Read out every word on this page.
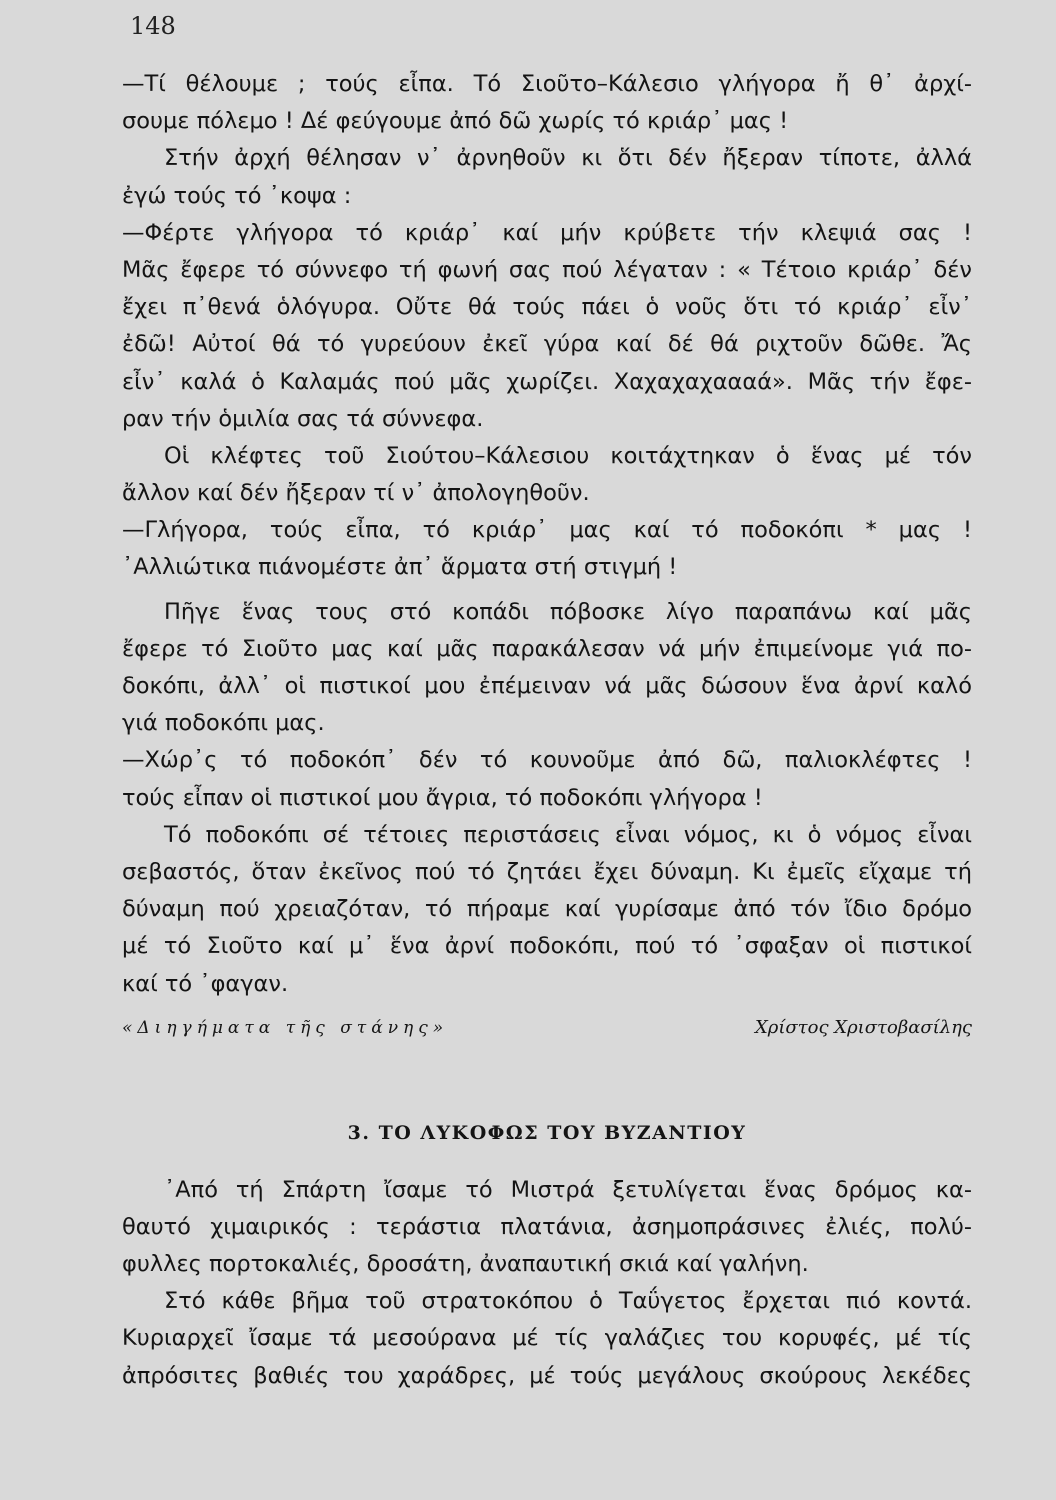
148
—Τί θέλουμε ; τούς εἶπα. Τό Σιοῦτο–Κάλεσιο γλήγορα ἤ θ᾽ ἀρχί-
σουμε πόλεμο ! Δέ φεύγουμε ἀπό δῶ χωρίς τό κριάρ᾽ μας !
Στήν ἀρχή θέλησαν ν᾽ ἀρνηθοῦν κι ὅτι δέν ἤξεραν τίποτε, ἀλλά
ἐγώ τούς τό ᾽κοψα :
—Φέρτε γλήγορα τό κριάρ᾽ καί μήν κρύβετε τήν κλεψιά σας !
Μᾶς ἔφερε τό σύννεφο τή φωνή σας πού λέγαταν : « Τέτοιο κριάρ᾽ δέν
ἔχει π᾽θενά ὁλόγυρα. Οὔτε θά τούς πάει ὁ νοῦς ὅτι τό κριάρ᾽ εἶν᾽
ἐδῶ! Αὐτοί θά τό γυρεύουν ἐκεῖ γύρα καί δέ θά ριχτοῦν δῶθε. Ἄς
εἶν᾽ καλά ὁ Καλαμάς πού μᾶς χωρίζει. Χαχαχαχαααά». Μᾶς τήν ἔφε-
ραν τήν ὁμιλία σας τά σύννεφα.
Οἱ κλέφτες τοῦ Σιούτου–Κάλεσιου κοιτάχτηκαν ὁ ἕνας μέ τόν
ἄλλον καί δέν ἤξεραν τί ν᾽ ἀπολογηθοῦν.
—Γλήγορα, τούς εἶπα, τό κριάρ᾽ μας καί τό ποδοκόπι * μας !
᾽Αλλιώτικα πιάνομέστε ἀπ᾽ ἅρματα στή στιγμή !
Πῆγε ἕνας τους στό κοπάδι πόβοσκε λίγο παραπάνω καί μᾶς
ἔφερε τό Σιοῦτο μας καί μᾶς παρακάλεσαν νά μήν ἐπιμείνομε γιά πο-
δοκόπι, ἀλλ᾽ οἱ πιστικοί μου ἐπέμειναν νά μᾶς δώσουν ἕνα ἀρνί καλό
γιά ποδοκόπι μας.
—Χώρ᾽ς τό ποδοκόπ᾽ δέν τό κουνοῦμε ἀπό δῶ, παλιοκλέφτες !
τούς εἶπαν οἱ πιστικοί μου ἄγρια, τό ποδοκόπι γλήγορα !
Τό ποδοκόπι σέ τέτοιες περιστάσεις εἶναι νόμος, κι ὁ νόμος εἶναι
σεβαστός, ὅταν ἐκεῖνος πού τό ζητάει ἔχει δύναμη. Κι ἐμεῖς εἴχαμε τή
δύναμη πού χρειαζόταν, τό πήραμε καί γυρίσαμε ἀπό τόν ἴδιο δρόμο
μέ τό Σιοῦτο καί μ᾽ ἕνα ἀρνί ποδοκόπι, πού τό ᾽σφαξαν οἱ πιστικοί
καί τό ᾽φαγαν.
«Διηγήματα τῆς στάνης»	Χρίστος Χριστοβασίλης
3. ΤΟ ΛΥΚΟΦΩΣ ΤΟΥ ΒΥΖΑΝΤΙΟΥ
᾽Από τή Σπάρτη ἴσαμε τό Μιστρά ξετυλίγεται ἕνας δρόμος κα-
θαυτό χιμαιρικός : τεράστια πλατάνια, ἀσημοπράσινες ἐλιές, πολύ-
φυλλες πορτοκαλιές, δροσάτη, ἀναπαυτική σκιά καί γαλήνη.
Στό κάθε βῆμα τοῦ στρατοκόπου ὁ Ταΰγετος ἔρχεται πιό κοντά.
Κυριαρχεῖ ἴσαμε τά μεσούρανα μέ τίς γαλάζιες του κορυφές, μέ τίς
ἀπρόσιτες βαθιές του χαράδρες, μέ τούς μεγάλους σκούρους λεκέδες
